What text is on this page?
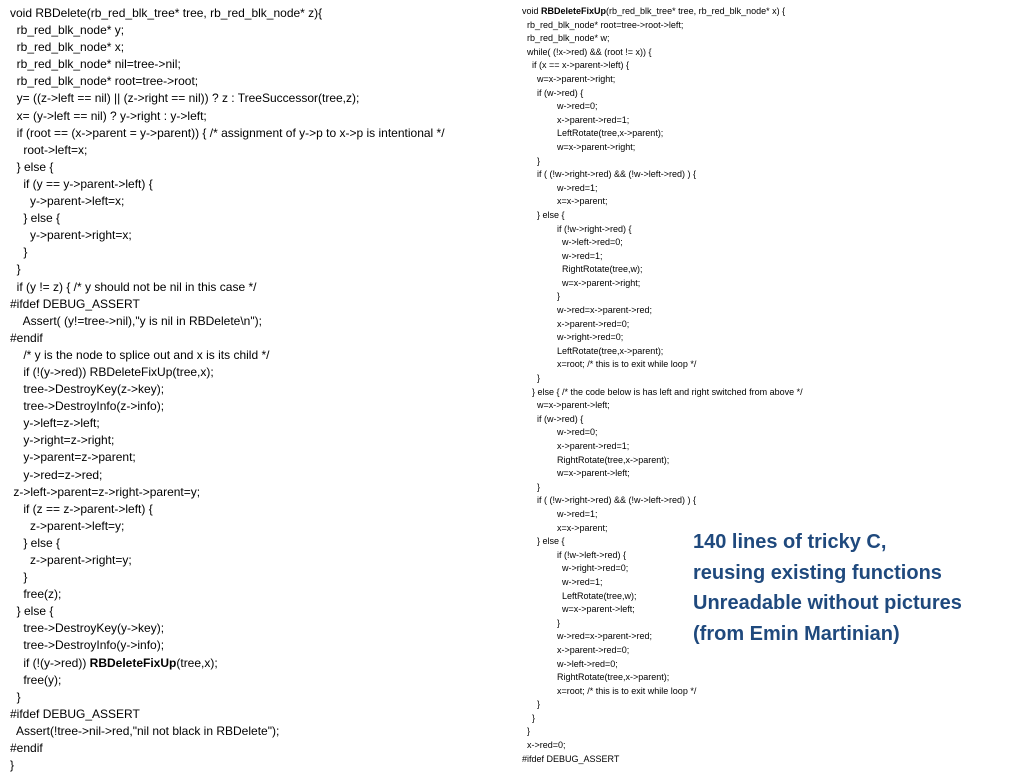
void RBDelete(rb_red_blk_tree* tree, rb_red_blk_node* z){
rb_red_blk_node* y;
rb_red_blk_node* x;
rb_red_blk_node* nil=tree->nil;
rb_red_blk_node* root=tree->root;
y= ((z->left == nil) || (z->right == nil)) ? z : TreeSuccessor(tree,z);
x= (y->left == nil) ? y->right : y->left;
if (root == (x->parent = y->parent)) { /* assignment of y->p to x->p is intentional */
root->left=x;
} else {
if (y == y->parent->left) {
y->parent->left=x;
} else {
y->parent->right=x;
}
}
if (y != z) { /* y should not be nil in this case */
#ifdef DEBUG_ASSERT
Assert( (y!=tree->nil),"y is nil in RBDelete\n");
#endif
/* y is the node to splice out and x is its child */
if (!(y->red)) RBDeleteFixUp(tree,x);
tree->DestroyKey(z->key);
tree->DestroyInfo(z->info);
y->left=z->left;
y->right=z->right;
y->parent=z->parent;
y->red=z->red;
z->left->parent=z->right->parent=y;
if (z == z->parent->left) {
z->parent->left=y;
} else {
z->parent->right=y;
}
free(z);
} else {
tree->DestroyKey(y->key);
tree->DestroyInfo(y->info);
if (!(y->red)) RBDeleteFixUp(tree,x);
free(y);
}
#ifdef DEBUG_ASSERT
Assert(!tree->nil->red,"nil not black in RBDelete");
#endif
}
void RBDeleteFixUp(rb_red_blk_tree* tree, rb_red_blk_node* x) {
rb_red_blk_node* root=tree->root->left;
rb_red_blk_node* w;
while( (!x->red) && (root != x)) {
if (x == x->parent->left) {
w=x->parent->right;
if (w->red) {
w->red=0;
x->parent->red=1;
LeftRotate(tree,x->parent);
w=x->parent->right;
}
if ( (!w->right->red) && (!w->left->red) ) {
w->red=1;
x=x->parent;
} else {
if (!w->right->red) {
w->left->red=0;
w->red=1;
RightRotate(tree,w);
w=x->parent->right;
}
w->red=x->parent->red;
x->parent->red=0;
w->right->red=0;
LeftRotate(tree,x->parent);
x=root; /* this is to exit while loop */
}
} else { /* the code below is has left and right switched from above */
w=x->parent->left;
if (w->red) {
w->red=0;
x->parent->red=1;
RightRotate(tree,x->parent);
w=x->parent->left;
}
if ( (!w->right->red) && (!w->left->red) ) {
w->red=1;
x=x->parent;
} else {
if (!w->left->red) {
w->right->red=0;
w->red=1;
LeftRotate(tree,w);
w=x->parent->left;
}
w->red=x->parent->red;
x->parent->red=0;
w->left->red=0;
RightRotate(tree,x->parent);
x=root; /* this is to exit while loop */
}
}
}
x->red=0;
#ifdef DEBUG_ASSERT
140 lines of tricky C,
reusing existing functions
Unreadable without pictures
(from Emin Martinian)
